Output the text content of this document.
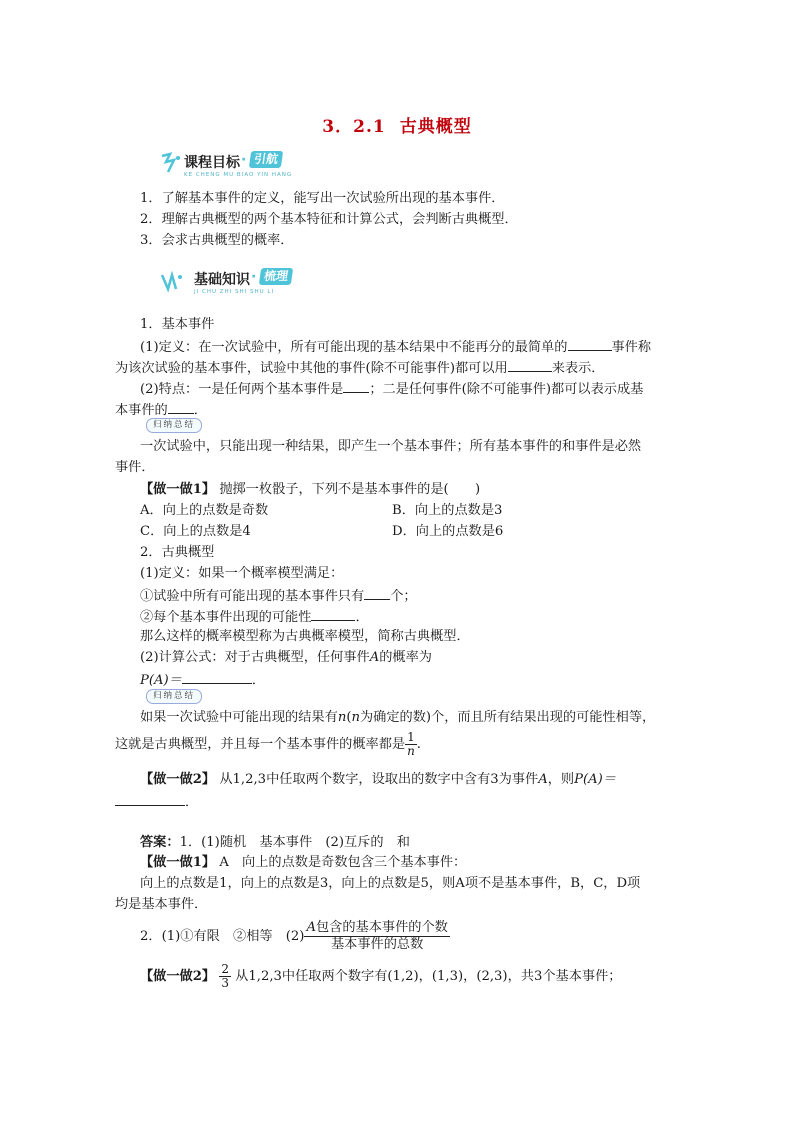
3．2.1 古典概型
课程目标 · 引航
KE CHENG MU BIAO YIN HANG
1．了解基本事件的定义，能写出一次试验所出现的基本事件．
2．理解古典概型的两个基本特征和计算公式，会判断古典概型．
3．会求古典概型的概率．
基础知识 · 梳理
JI CHU ZHI SHI SHU LI
1．基本事件
(1)定义：在一次试验中，所有可能出现的基本结果中不能再分的最简单的	事件称
为该次试验的基本事件，试验中其他的事件(除不可能事件)都可以用	来表示．
(2)特点：一是任何两个基本事件是 ；二是任何事件(除不可能事件)都可以表示成基
本事件的 ．
归纳总结
一次试验中，只能出现一种结果，即产生一个基本事件；所有基本事件的和事件是必然
事件．
【做一做1】 抛掷一枚骰子，下列不是基本事件的是(　　)
A．向上的点数是奇数	B．向上的点数是3
C．向上的点数是4	D．向上的点数是6
2．古典概型
(1)定义：如果一个概率模型满足：
①试验中所有可能出现的基本事件只有 个；
②每个基本事件出现的可能性	．
那么这样的概率模型称为古典概率模型，简称古典概型．
(2)计算公式：对于古典概型，任何事件A的概率为
P(A)＝	．
归纳总结
如果一次试验中可能出现的结果有n(n为确定的数)个，而且所有结果出现的可能性相等，
这就是古典概型，并且每一个基本事件的概率都是 $\frac{1}{n}$ .
【做一做2】 从1,2,3中任取两个数字，设取出的数字中含有3为事件A，则P(A)＝
．
答案：1．(1)随机　基本事件　(2)互斥的　和
【做一做1】 A　向上的点数是奇数包含三个基本事件：
向上的点数是1，向上的点数是3，向上的点数是5，则A项不是基本事件，B，C，D项
均是基本事件．
2．(1)①有限　②相等　$(2) \frac{\text{A包含的基本事件的个数}}{\text{基本事件的总数}}$
【做一做2】 $\frac{2}{3}$ 从1,2,3中任取两个数字有(1,2)，(1,3)，(2,3)，共3个基本事件；
